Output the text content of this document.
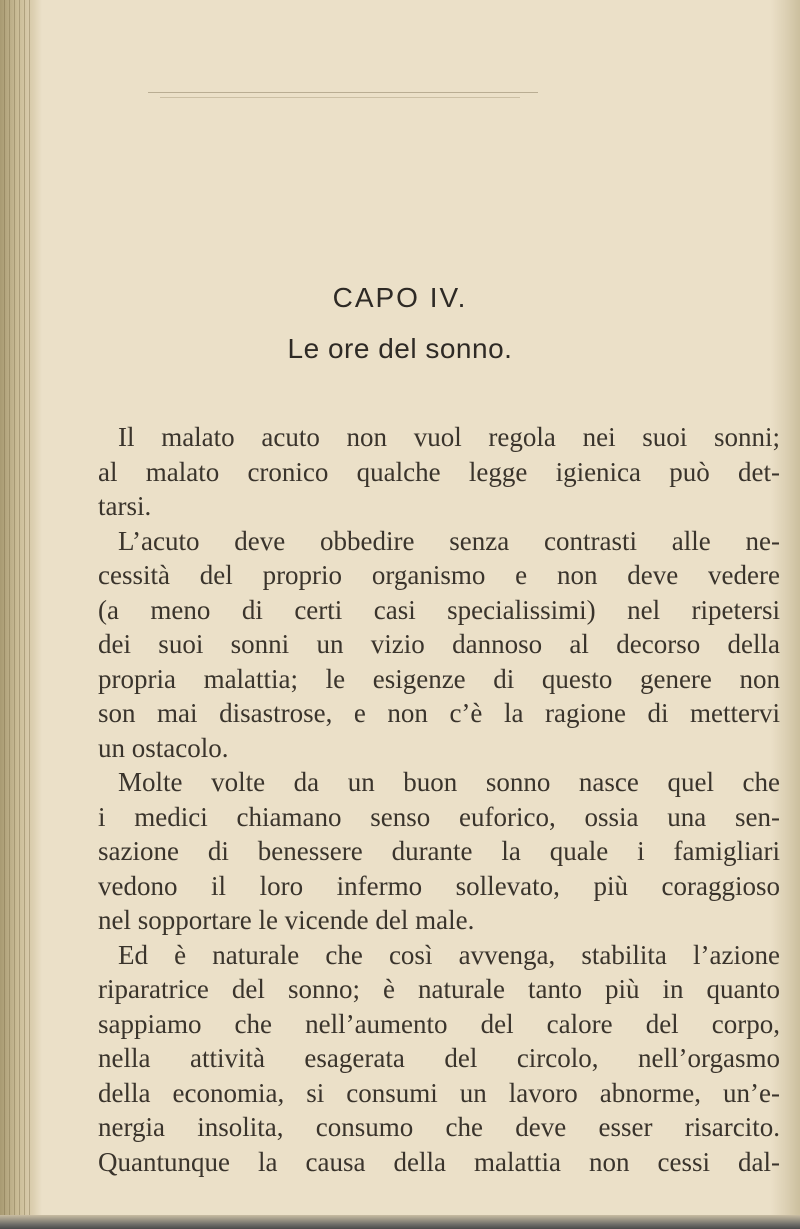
CAPO IV.
Le ore del sonno.
Il malato acuto non vuol regola nei suoi sonni;
al malato cronico qualche legge igienica può det-
tarsi.
L’acuto deve obbedire senza contrasti alle ne-
cessità del proprio organismo e non deve vedere
(a meno di certi casi specialissimi) nel ripetersi
dei suoi sonni un vizio dannoso al decorso della
propria malattia; le esigenze di questo genere non
son mai disastrose, e non c’è la ragione di mettervi
un ostacolo.
Molte volte da un buon sonno nasce quel che
i medici chiamano senso euforico, ossia una sen-
sazione di benessere durante la quale i famigliari
vedono il loro infermo sollevato, più coraggioso
nel sopportare le vicende del male.
Ed è naturale che così avvenga, stabilita l’azione
riparatrice del sonno; è naturale tanto più in quanto
sappiamo che nell’aumento del calore del corpo,
nella attività esagerata del circolo, nell’orgasmo
della economia, si consumi un lavoro abnorme, un’e-
nergia insolita, consumo che deve esser risarcito.
Quantunque la causa della malattia non cessi dal-
